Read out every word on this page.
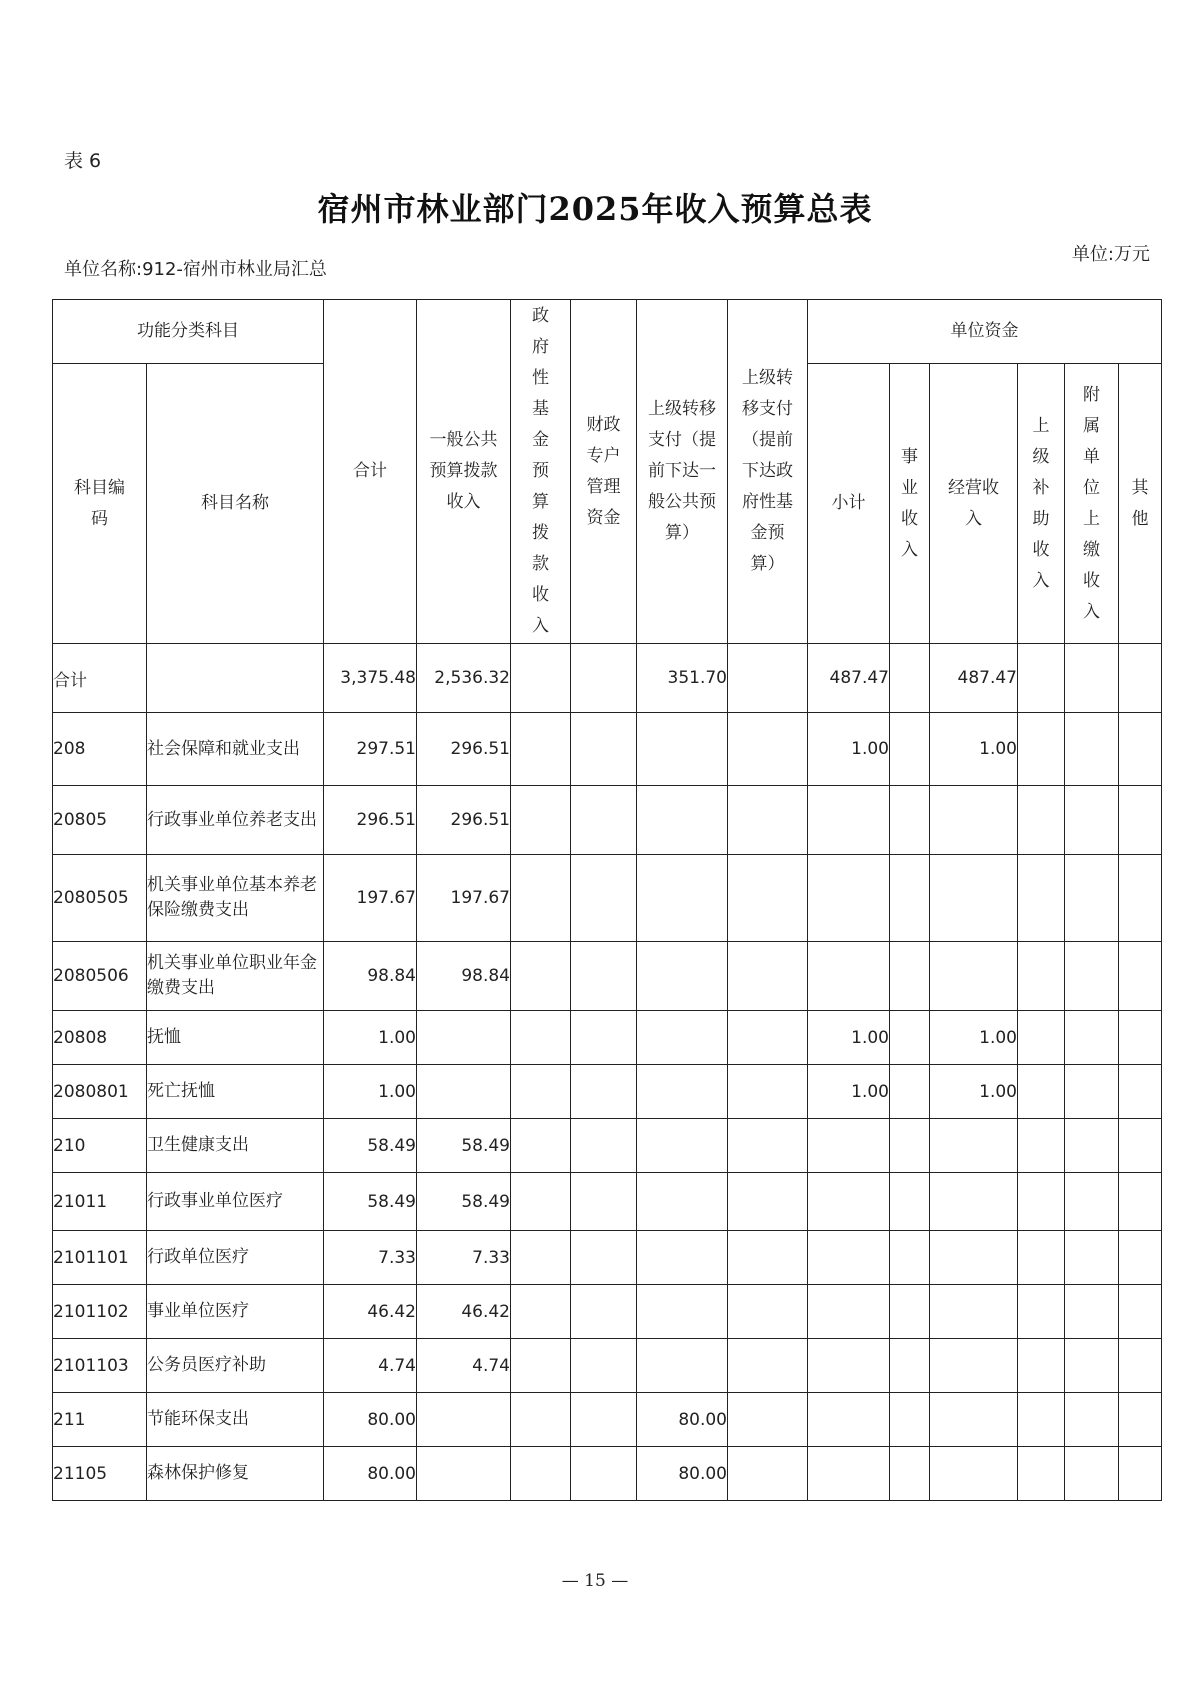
表 6
宿州市林业部门2025年收入预算总表
单位名称:912-宿州市林业局汇总
单位:万元
功能分类科目		合计	一般公共预算拨款收入	政府性基金预算拨款收入	财政专户管理资金	上级转移支付（提前下达一般公共预算）	上级转移支付（提前下达政府性基金预算）	单位资金					
科目编码	科目名称							小计	事业收入	经营收入	上级补助收入	附属单位上缴收入	其他
合计		3,375.48	2,536.32			351.70		487.47		487.47			
208	社会保障和就业支出	297.51	296.51					1.00		1.00			
20805	行政事业单位养老支出	296.51	296.51										
2080505	机关事业单位基本养老保险缴费支出	197.67	197.67										
2080506	机关事业单位职业年金缴费支出	98.84	98.84										
20808	抚恤	1.00						1.00		1.00			
2080801	死亡抚恤	1.00						1.00		1.00			
210	卫生健康支出	58.49	58.49										
21011	行政事业单位医疗	58.49	58.49										
2101101	行政单位医疗	7.33	7.33										
2101102	事业单位医疗	46.42	46.42										
2101103	公务员医疗补助	4.74	4.74										
211	节能环保支出	80.00				80.00							
21105	森林保护修复	80.00				80.00							
— 15 —
